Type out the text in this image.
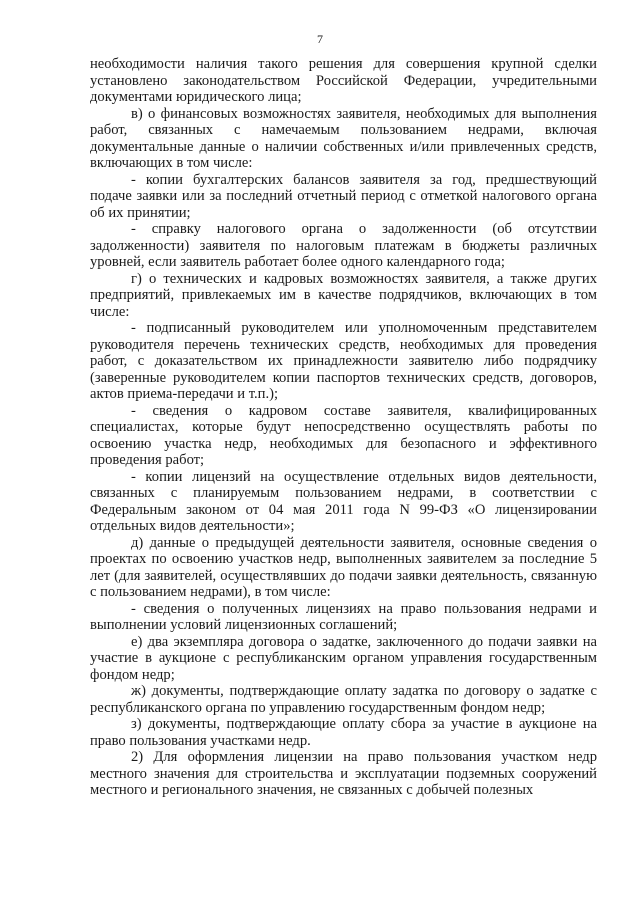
7

необходимости наличия такого решения для совершения крупной сделки установлено законодательством Российской Федерации, учредительными документами юридического лица;

в) о финансовых возможностях заявителя, необходимых для выполнения работ, связанных с намечаемым пользованием недрами, включая документальные данные о наличии собственных и/или привлеченных средств, включающих в том числе:

- копии бухгалтерских балансов заявителя за год, предшествующий подаче заявки или за последний отчетный период с отметкой налогового органа об их принятии;

- справку налогового органа о задолженности (об отсутствии задолженности) заявителя по налоговым платежам в бюджеты различных уровней, если заявитель работает более одного календарного года;

г) о технических и кадровых возможностях заявителя, а также других предприятий, привлекаемых им в качестве подрядчиков, включающих в том числе:

- подписанный руководителем или уполномоченным представителем руководителя перечень технических средств, необходимых для проведения работ, с доказательством их принадлежности заявителю либо подрядчику (заверенные руководителем копии паспортов технических средств, договоров, актов приема-передачи и т.п.);

- сведения о кадровом составе заявителя, квалифицированных специалистах, которые будут непосредственно осуществлять работы по освоению участка недр, необходимых для безопасного и эффективного проведения работ;

- копии лицензий на осуществление отдельных видов деятельности, связанных с планируемым пользованием недрами, в соответствии с Федеральным законом от 04 мая 2011 года N 99-ФЗ «О лицензировании отдельных видов деятельности»;

д) данные о предыдущей деятельности заявителя, основные сведения о проектах по освоению участков недр, выполненных заявителем за последние 5 лет (для заявителей, осуществлявших до подачи заявки деятельность, связанную с пользованием недрами), в том числе:

- сведения о полученных лицензиях на право пользования недрами и выполнении условий лицензионных соглашений;

е) два экземпляра договора о задатке, заключенного до подачи заявки на участие в аукционе с республиканским органом управления государственным фондом недр;

ж) документы, подтверждающие оплату задатка по договору о задатке с республиканского органа по управлению государственным фондом недр;

з) документы, подтверждающие оплату сбора за участие в аукционе на право пользования участками недр.

2) Для оформления лицензии на право пользования участком недр местного значения для строительства и эксплуатации подземных сооружений местного и регионального значения, не связанных с добычей полезных
